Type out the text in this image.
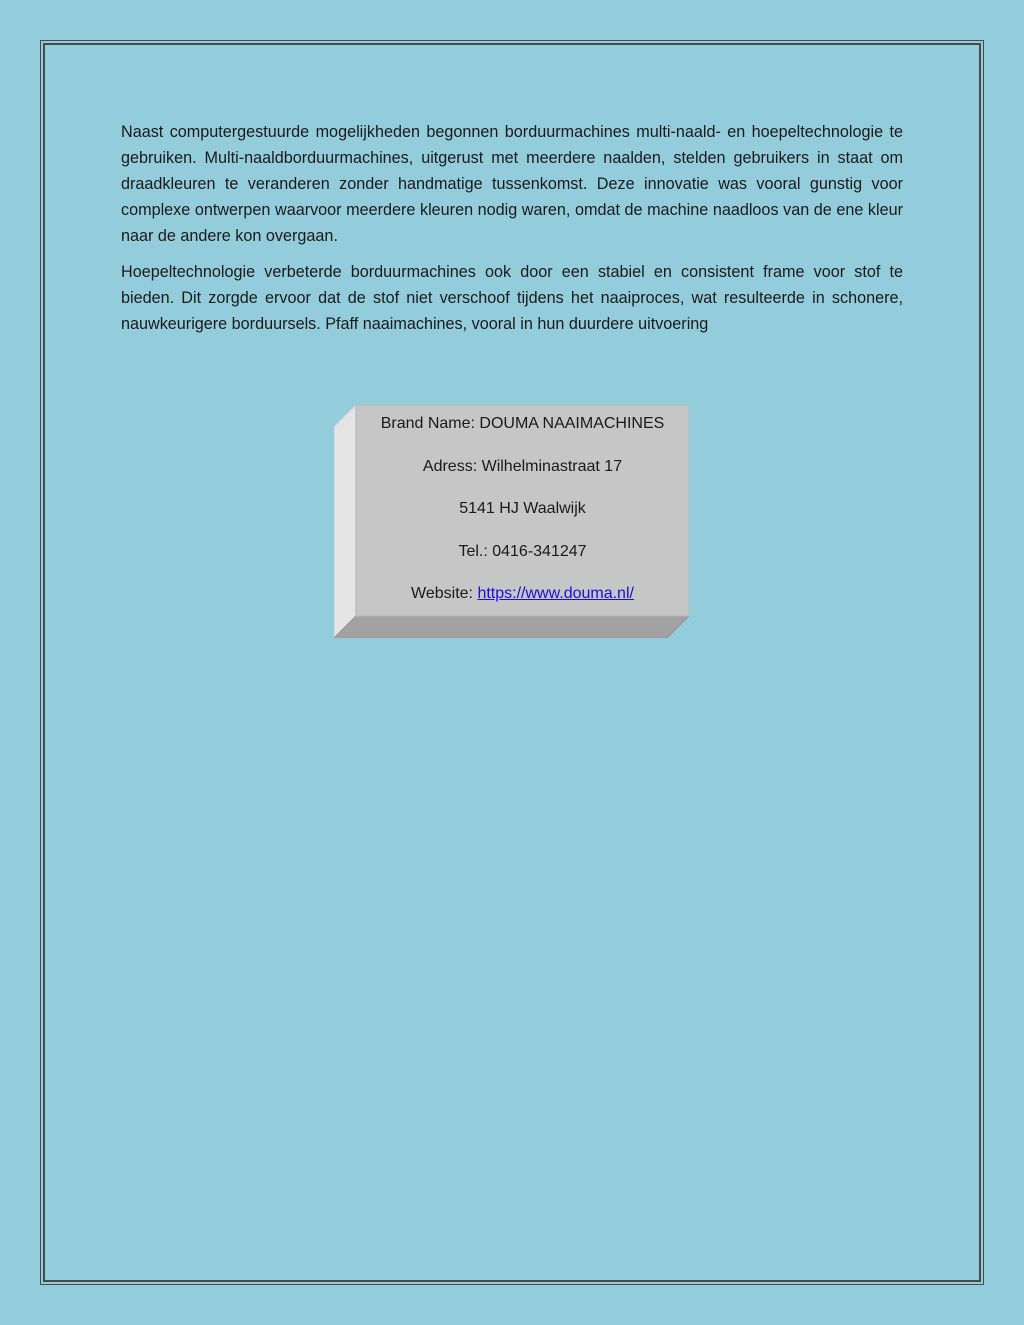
Naast computergestuurde mogelijkheden begonnen borduurmachines multi-naald- en hoepeltechnologie te gebruiken. Multi-naaldborduurmachines, uitgerust met meerdere naalden, stelden gebruikers in staat om draadkleuren te veranderen zonder handmatige tussenkomst. Deze innovatie was vooral gunstig voor complexe ontwerpen waarvoor meerdere kleuren nodig waren, omdat de machine naadloos van de ene kleur naar de andere kon overgaan.

Hoepeltechnologie verbeterde borduurmachines ook door een stabiel en consistent frame voor stof te bieden. Dit zorgde ervoor dat de stof niet verschoof tijdens het naaiproces, wat resulteerde in schonere, nauwkeurigere borduursels. Pfaff naaimachines, vooral in hun duurdere uitvoering

Brand Name: DOUMA NAAIMACHINES
Adress: Wilhelminastraat 17
5141 HJ Waalwijk
Tel.: 0416-341247
Website: https://www.douma.nl/
